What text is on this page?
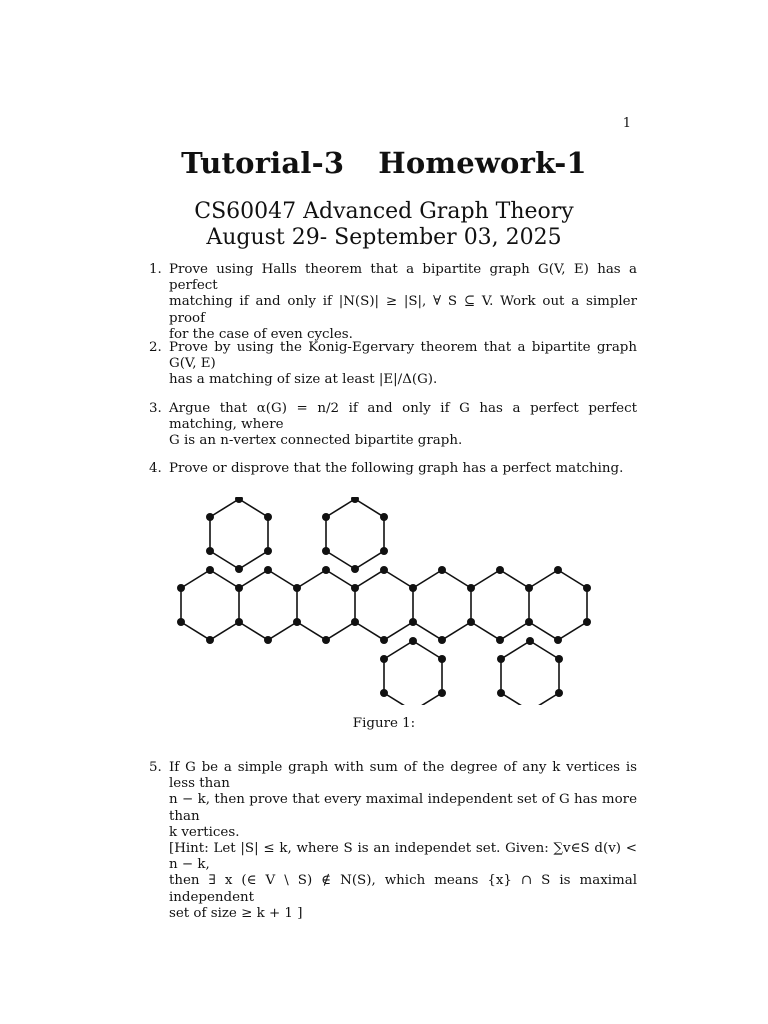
1
Tutorial-3 Homework-1
CS60047 Advanced Graph Theory
August 29- September 03, 2025
1. Prove using Halls theorem that a bipartite graph G(V, E) has a perfect
matching if and only if |N(S)| ≥ |S|, ∀ S ⊆ V. Work out a simpler proof
for the case of even cycles.
2. Prove by using the Konig-Egervary theorem that a bipartite graph G(V, E)
has a matching of size at least |E|/Δ(G).
3. Argue that α(G) = n/2 if and only if G has a perfect perfect matching, where
G is an n-vertex connected bipartite graph.
4. Prove or disprove that the following graph has a perfect matching.
5. If G be a simple graph with sum of the degree of any k vertices is less than
n − k, then prove that every maximal independent set of G has more than
k vertices.
[Hint: Let |S| ≤ k, where S is an independet set. Given: ∑v∈S d(v) < n − k,
then ∃ x (∈ V \ S) ∉ N(S), which means {x} ∩ S is maximal independent
set of size ≥ k + 1 ]
Figure 1:
